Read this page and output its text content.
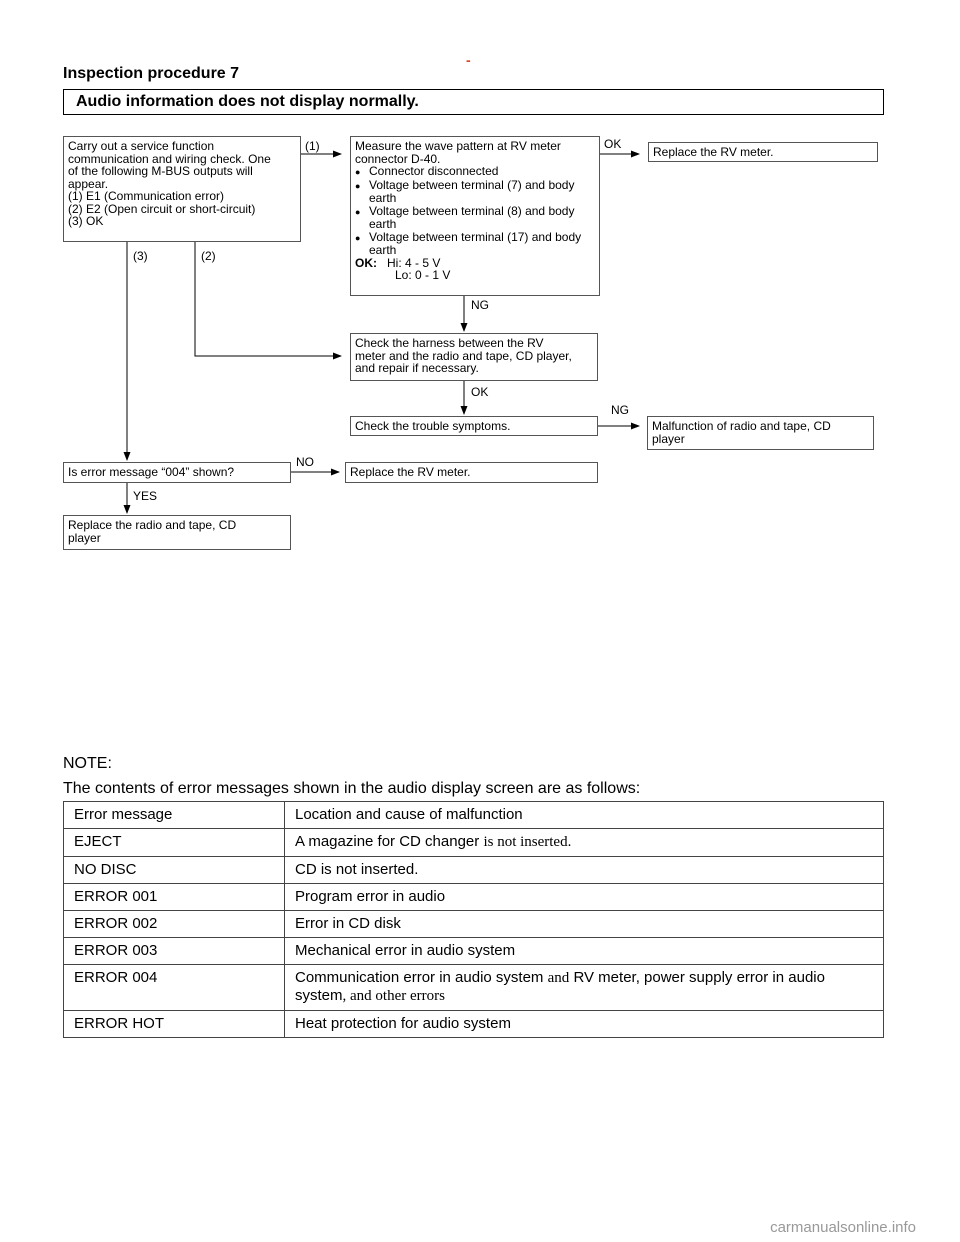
-
Inspection procedure 7
Audio information does not display normally.
Carry out a service function
communication and wiring check. One
of the following M-BUS outputs will
appear.
(1) E1 (Communication error)
(2) E2 (Open circuit or short-circuit)
(3) OK
Measure the wave pattern at RV meter
connector D-40.
● Connector disconnected
● Voltage between terminal (7) and body earth
● Voltage between terminal (8) and body earth
● Voltage between terminal (17) and body earth
OK: Hi: 4 - 5 V
Lo: 0 - 1 V
Replace the RV meter.
Check the harness between the RV
meter and the radio and tape, CD player,
and repair if necessary.
Check the trouble symptoms.	Malfunction of radio and tape, CD
player
Is error message “004” shown?	Replace the RV meter.
Replace the radio and tape, CD
player
(1)
(2)
(3)
OK
NG
OK
NG
NO
YES
NOTE:
The contents of error messages shown in the audio display screen are as follows:
Error message	Location and cause of malfunction
EJECT	A magazine for CD changer is not inserted.
NO DISC	CD is not inserted.
ERROR 001	Program error in audio
ERROR 002	Error in CD disk
ERROR 003	Mechanical error in audio system
ERROR 004	Communication error in audio system and RV meter, power supply error in audio
system, and other errors
ERROR HOT	Heat protection for audio system
carmanualsonline.info
